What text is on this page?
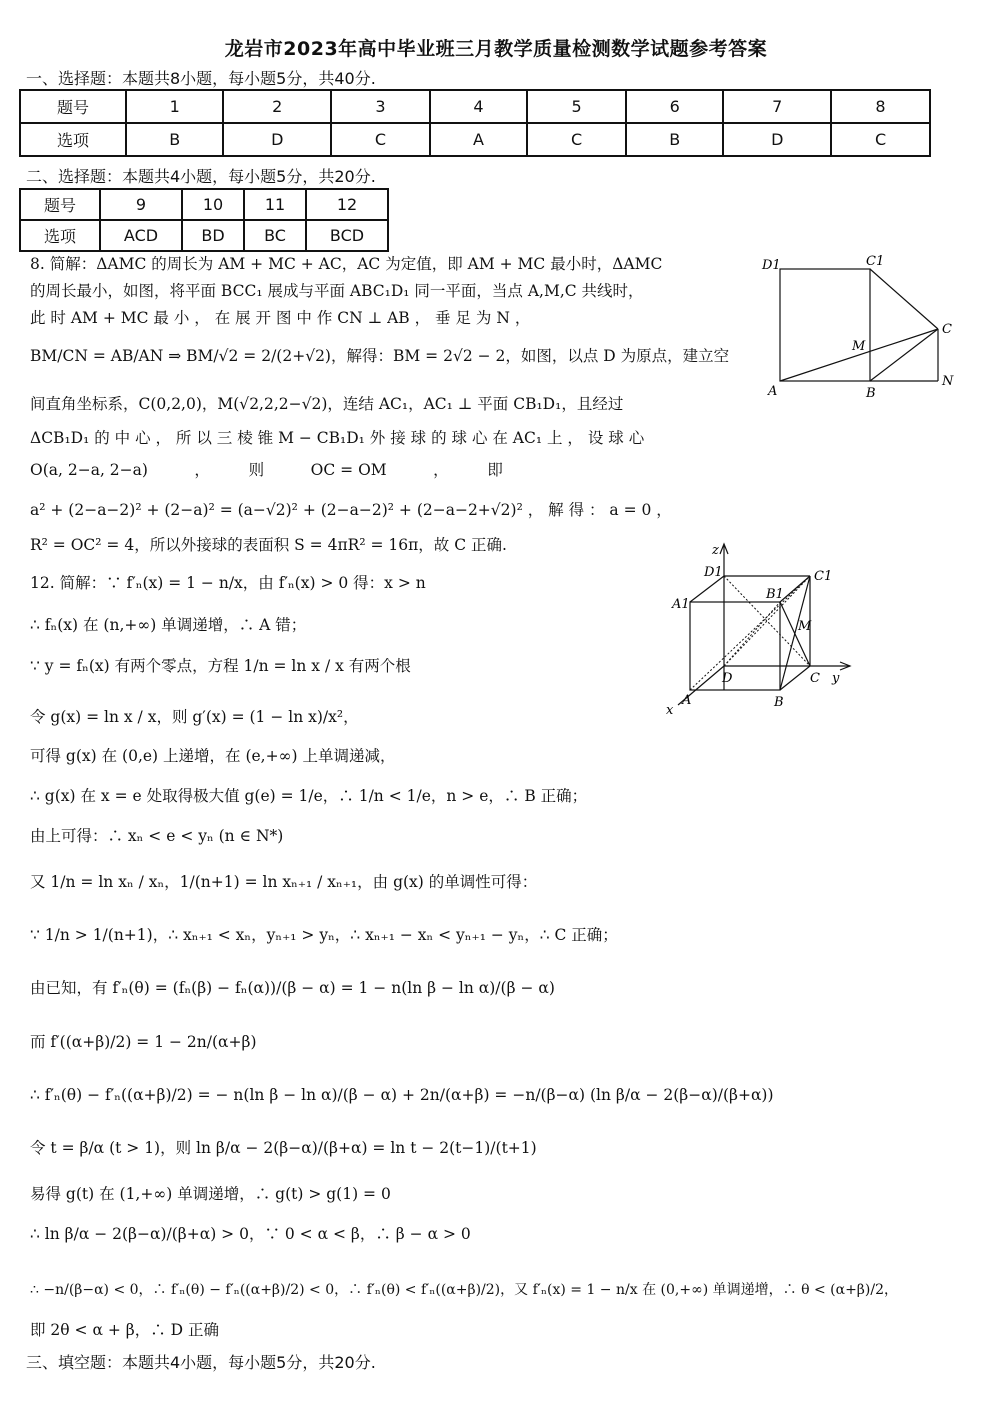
龙岩市2023年高中毕业班三月教学质量检测数学试题参考答案
一、选择题：本题共8小题，每小题5分，共40分.
题号	1	2	3	4	5	6	7	8
选项	B	D	C	A	C	B	D	C
二、选择题：本题共4小题，每小题5分，共20分.
题号	9	10	11	12
选项	ACD	BD	BC	BCD
8. 简解：ΔAMC 的周长为 AM + MC + AC，AC 为定值，即 AM + MC 最小时，ΔAMC
的周长最小，如图，将平面 BCC₁ 展成与平面 ABC₁D₁ 同一平面，当点 A,M,C 共线时，
此 时 AM + MC 最 小 ， 在 展 开 图 中 作 CN ⊥ AB ， 垂 足 为 N ，
BM/CN = AB/AN ⇒ BM/√2 = 2/(2+√2)，解得：BM = 2√2 − 2，如图，以点 D 为原点，建立空
间直角坐标系，C(0,2,0)，M(√2,2,2−√2)，连结 AC₁，AC₁ ⊥ 平面 CB₁D₁，且经过
ΔCB₁D₁ 的 中 心 ， 所 以 三 棱 锥 M − CB₁D₁ 外 接 球 的 球 心 在 AC₁ 上 ， 设 球 心
O(a, 2−a, 2−a)　　　，　　　则　　　OC = OM　　　，　　　即
a² + (2−a−2)² + (2−a)² = (a−√2)² + (2−a−2)² + (2−a−2+√2)² ， 解 得 ： a = 0 ，
R² = OC² = 4，所以外接球的表面积 S = 4πR² = 16π，故 C 正确.
D1	C1
C
M
A	B
N
z
D1	C1
A1
B1
M
D	C y
A	B
x
12. 简解：∵ f′ₙ(x) = 1 − n/x，由 f′ₙ(x) > 0 得：x > n
∴ fₙ(x) 在 (n,+∞) 单调递增，∴ A 错；
∵ y = fₙ(x) 有两个零点，方程 1/n = ln x / x 有两个根
令 g(x) = ln x / x，则 g′(x) = (1 − ln x)/x²，
可得 g(x) 在 (0,e) 上递增，在 (e,+∞) 上单调递减，
∴ g(x) 在 x = e 处取得极大值 g(e) = 1/e，∴ 1/n < 1/e，n > e，∴ B 正确；
由上可得：∴ xₙ < e < yₙ (n ∈ N*)
又 1/n = ln xₙ / xₙ，1/(n+1) = ln xₙ₊₁ / xₙ₊₁，由 g(x) 的单调性可得：
∵ 1/n > 1/(n+1)，∴ xₙ₊₁ < xₙ，yₙ₊₁ > yₙ，∴ xₙ₊₁ − xₙ < yₙ₊₁ − yₙ，∴ C 正确；
由已知，有 f′ₙ(θ) = (fₙ(β) − fₙ(α))/(β − α) = 1 − n(ln β − ln α)/(β − α)
而 f′((α+β)/2) = 1 − 2n/(α+β)
∴ f′ₙ(θ) − f′ₙ((α+β)/2) = − n(ln β − ln α)/(β − α) + 2n/(α+β) = −n/(β−α) (ln β/α − 2(β−α)/(β+α))
令 t = β/α (t > 1)，则 ln β/α − 2(β−α)/(β+α) = ln t − 2(t−1)/(t+1)
易得 g(t) 在 (1,+∞) 单调递增，∴ g(t) > g(1) = 0
∴ ln β/α − 2(β−α)/(β+α) > 0，∵ 0 < α < β，∴ β − α > 0
∴ −n/(β−α) < 0，∴ f′ₙ(θ) − f′ₙ((α+β)/2) < 0，∴ f′ₙ(θ) < f′ₙ((α+β)/2)，又 f′ₙ(x) = 1 − n/x 在 (0,+∞) 单调递增，∴ θ < (α+β)/2，
即 2θ < α + β，∴ D 正确
三、填空题：本题共4小题，每小题5分，共20分.
